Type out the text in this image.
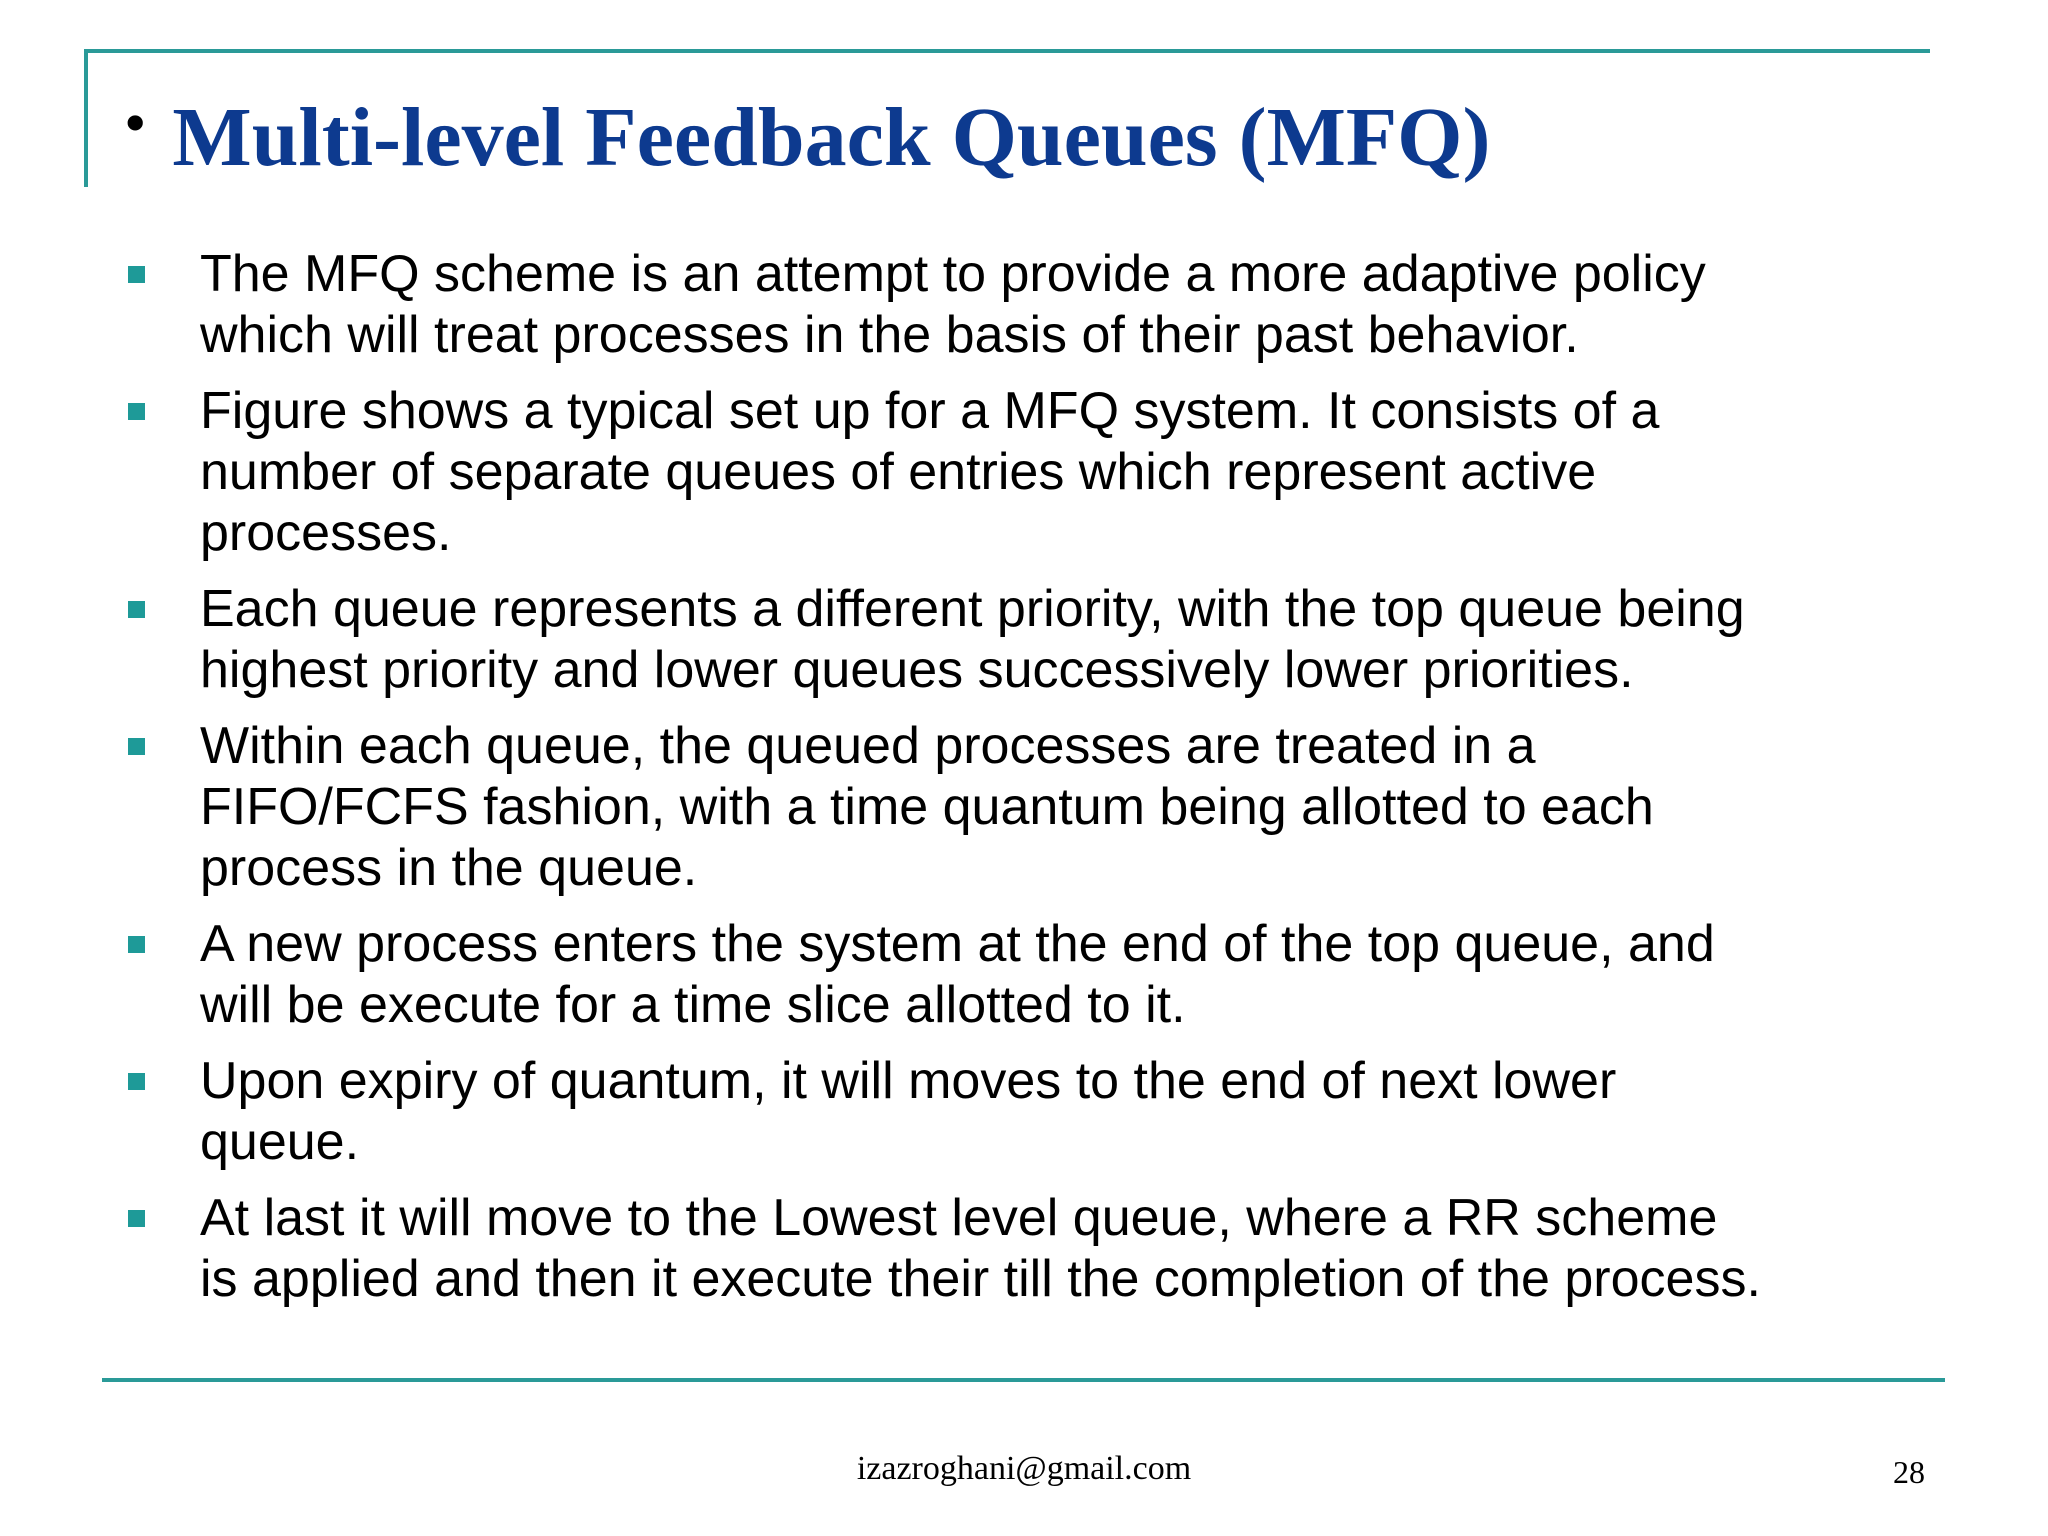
• Multi-level Feedback Queues (MFQ)
The MFQ scheme is an attempt to provide a more adaptive policy
which will treat processes in the basis of their past behavior.
Figure shows a typical set up for a MFQ system. It consists of a
number of separate queues of entries which represent active
processes.
Each queue represents a different priority, with the top queue being
highest priority and lower queues successively lower priorities.
Within each queue, the queued processes are treated in a
FIFO/FCFS fashion, with a time quantum being allotted to each
process in the queue.
A new process enters the system at the end of the top queue, and
will be execute for a time slice allotted to it.
Upon expiry of quantum, it will moves to the end of next lower
queue.
At last it will move to the Lowest level queue, where a RR scheme
is applied and then it execute their till the completion of the process.
izazroghani@gmail.com	28
